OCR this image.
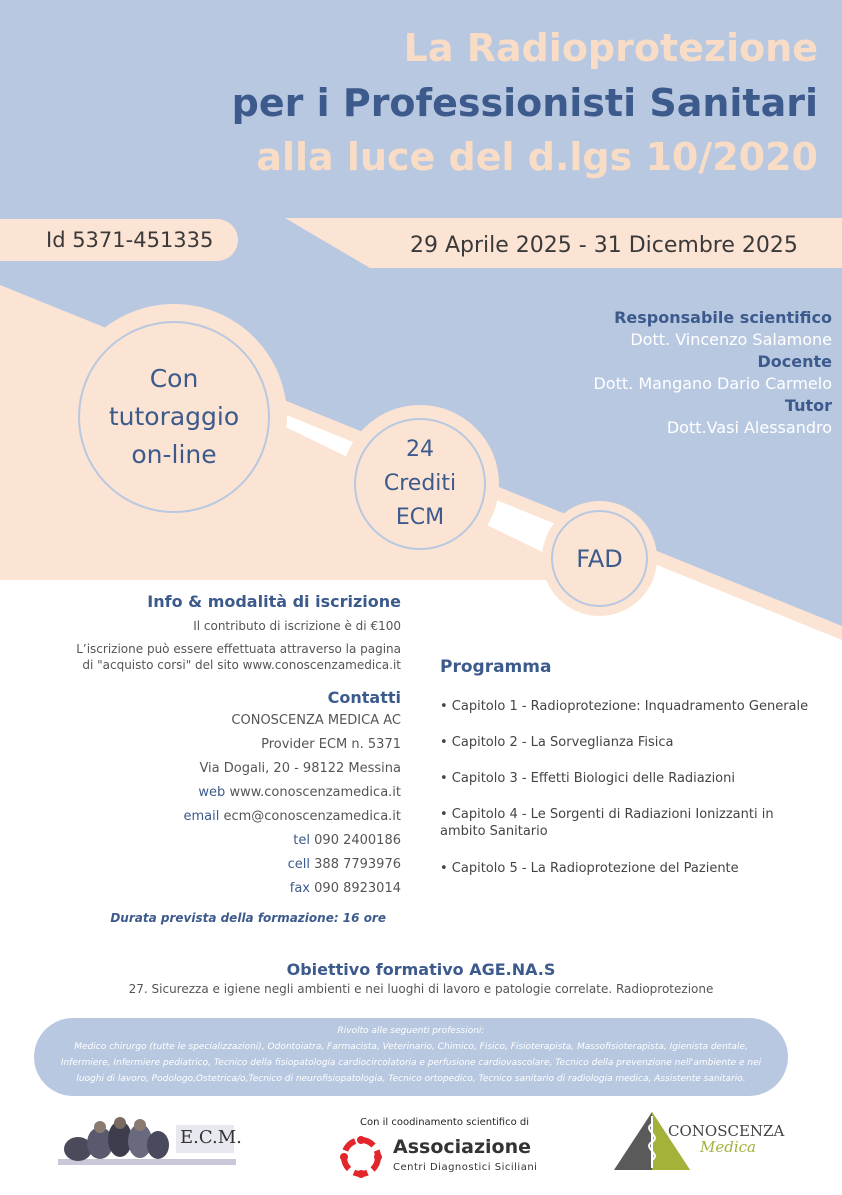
La Radioprotezione
per i Professionisti Sanitari
alla luce del d.lgs 10/2020
Id 5371-451335	29 Aprile 2025 - 31 Dicembre 2025
Responsabile scientifico
Dott. Vincenzo Salamone
Docente
Dott. Mangano Dario Carmelo
Tutor
Dott.Vasi Alessandro
Con
tutoraggio
on-line	24
Crediti
ECM
FAD
Info & modalità di iscrizione
Il contributo di iscrizione è di €100
L’iscrizione può essere effettuata attraverso la pagina
di "acquisto corsi" del sito www.conoscenzamedica.it
Contatti
CONOSCENZA MEDICA AC
Provider ECM n. 5371
Via Dogali, 20 - 98122 Messina
web www.conoscenzamedica.it
email ecm@conoscenzamedica.it
tel 090 2400186
cell 388 7793976
fax 090 8923014
Durata prevista della formazione: 16 ore
Programma
• Capitolo 1 - Radioprotezione: Inquadramento Generale
• Capitolo 2 - La Sorveglianza Fisica
• Capitolo 3 - Effetti Biologici delle Radiazioni
• Capitolo 4 - Le Sorgenti di Radiazioni Ionizzanti in ambito Sanitario
• Capitolo 5 - La Radioprotezione del Paziente
Obiettivo formativo AGE.NA.S
27. Sicurezza e igiene negli ambienti e nei luoghi di lavoro e patologie correlate. Radioprotezione
Rivolto alle seguenti professioni:
Medico chirurgo (tutte le specializzazioni), Odontoiatra, Farmacista, Veterinario, Chimico, Fisico, Fisioterapista, Massofisioterapista, Igienista dentale,
Infermiere, Infermiere pediatrico, Tecnico della fisiopatologia cardiocircolatoria e perfusione cardiovascolare, Tecnico della prevenzione nell'ambiente e nei
luoghi di lavoro, Podologo,Ostetrica/o,Tecnico di neurofisiopatologia, Tecnico ortopedico, Tecnico sanitario di radiologia medica, Assistente sanitario.
E.C.M.
Con il coodinamento scientifico di
Associazione
Centri Diagnostici Siciliani
CONOSCENZA
Medica
